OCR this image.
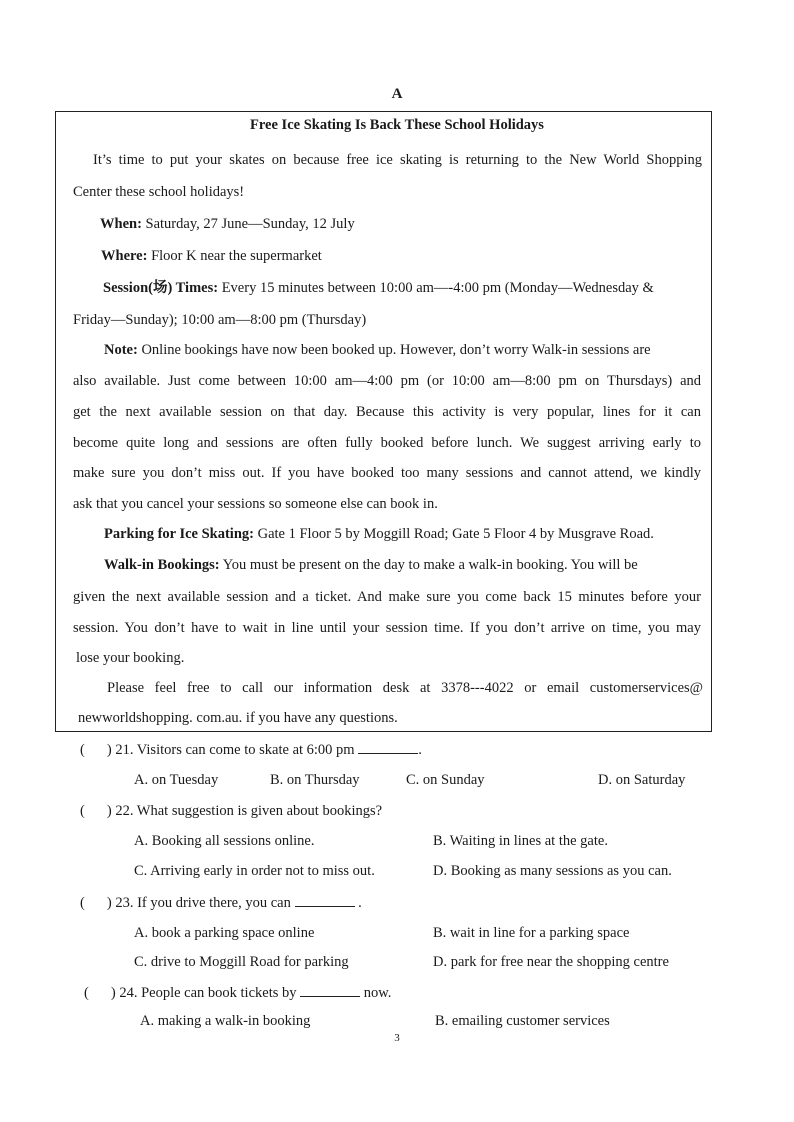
A
Free Ice Skating Is Back These School Holidays
It’s time to put your skates on because free ice skating is returning to the New World Shopping
Center these school holidays!
When: Saturday, 27 June—Sunday, 12 July
Where: Floor K near the supermarket
Session(场) Times: Every 15 minutes between 10:00 am—-4:00 pm (Monday—Wednesday &
Friday—Sunday); 10:00 am—8:00 pm (Thursday)
Note: Online bookings have now been booked up. However, don’t worry Walk-in sessions are
also available. Just come between 10:00 am—4:00 pm (or 10:00 am—8:00 pm on Thursdays) and
get the next available session on that day. Because this activity is very popular, lines for it can
become quite long and sessions are often fully booked before lunch. We suggest arriving early to
make sure you don’t miss out. If you have booked too many sessions and cannot attend, we kindly
ask that you cancel your sessions so someone else can book in.
Parking for Ice Skating: Gate 1 Floor 5 by Moggill Road; Gate 5 Floor 4 by Musgrave Road.
Walk-in Bookings: You must be present on the day to make a walk-in booking. You will be
given the next available session and a ticket. And make sure you come back 15 minutes before your
session. You don’t have to wait in line until your session time. If you don’t arrive on time, you may
lose your booking.
Please feel free to call our information desk at 3378---4022 or email customerservices@
newworldshopping. com.au. if you have any questions.
( ) 21. Visitors can come to skate at 6:00 pm	.
A. on Tuesday	B. on Thursday	C. on Sunday	D. on Saturday
( ) 22. What suggestion is given about bookings?
A. Booking all sessions online.	B. Waiting in lines at the gate.
C. Arriving early in order not to miss out.	D. Booking as many sessions as you can.
( ) 23. If you drive there, you can	.
A. book a parking space online	B. wait in line for a parking space
C. drive to Moggill Road for parking	D. park for free near the shopping centre
( ) 24. People can book tickets by	now.
A. making a walk-in booking	B. emailing customer services
3
